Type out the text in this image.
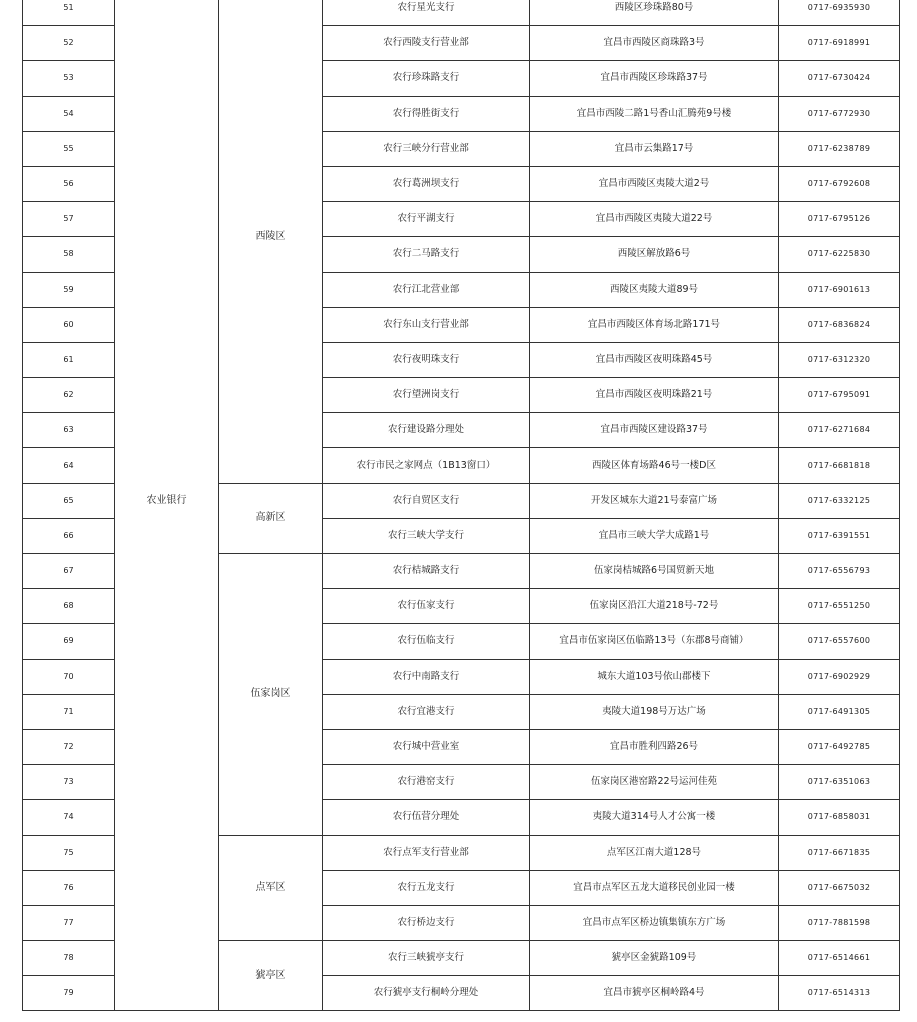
51	农业银行	西陵区	农行星光支行	西陵区珍珠路80号	0717-6935930
52			农行西陵支行营业部	宜昌市西陵区商珠路3号	0717-6918991
53			农行珍珠路支行	宜昌市西陵区珍珠路37号	0717-6730424
54			农行得胜街支行	宜昌市西陵二路1号香山汇腾苑9号楼	0717-6772930
55			农行三峡分行营业部	宜昌市云集路17号	0717-6238789
56			农行葛洲坝支行	宜昌市西陵区夷陵大道2号	0717-6792608
57			农行平湖支行	宜昌市西陵区夷陵大道22号	0717-6795126
58			农行二马路支行	西陵区解放路6号	0717-6225830
59			农行江北营业部	西陵区夷陵大道89号	0717-6901613
60			农行东山支行营业部	宜昌市西陵区体育场北路171号	0717-6836824
61			农行夜明珠支行	宜昌市西陵区夜明珠路45号	0717-6312320
62			农行望洲岗支行	宜昌市西陵区夜明珠路21号	0717-6795091
63			农行建设路分理处	宜昌市西陵区建设路37号	0717-6271684
64			农行市民之家网点（1B13窗口）	西陵区体育场路46号一楼D区	0717-6681818
65		高新区	农行自贸区支行	开发区城东大道21号泰富广场	0717-6332125
66			农行三峡大学支行	宜昌市三峡大学大成路1号	0717-6391551
67		伍家岗区	农行桔城路支行	伍家岗桔城路6号国贸新天地	0717-6556793
68			农行伍家支行	伍家岗区沿江大道218号-72号	0717-6551250
69			农行伍临支行	宜昌市伍家岗区伍临路13号（东郡8号商铺）	0717-6557600
70			农行中南路支行	城东大道103号依山郡楼下	0717-6902929
71			农行宜港支行	夷陵大道198号万达广场	0717-6491305
72			农行城中营业室	宜昌市胜利四路26号	0717-6492785
73			农行港窑支行	伍家岗区港窑路22号运河佳苑	0717-6351063
74			农行伍营分理处	夷陵大道314号人才公寓一楼	0717-6858031
75		点军区	农行点军支行营业部	点军区江南大道128号	0717-6671835
76			农行五龙支行	宜昌市点军区五龙大道移民创业园一楼	0717-6675032
77			农行桥边支行	宜昌市点军区桥边镇集镇东方广场	0717-7881598
78		猇亭区	农行三峡猇亭支行	猇亭区金猇路109号	0717-6514661
79			农行猇亭支行桐岭分理处	宜昌市猇亭区桐岭路4号	0717-6514313
